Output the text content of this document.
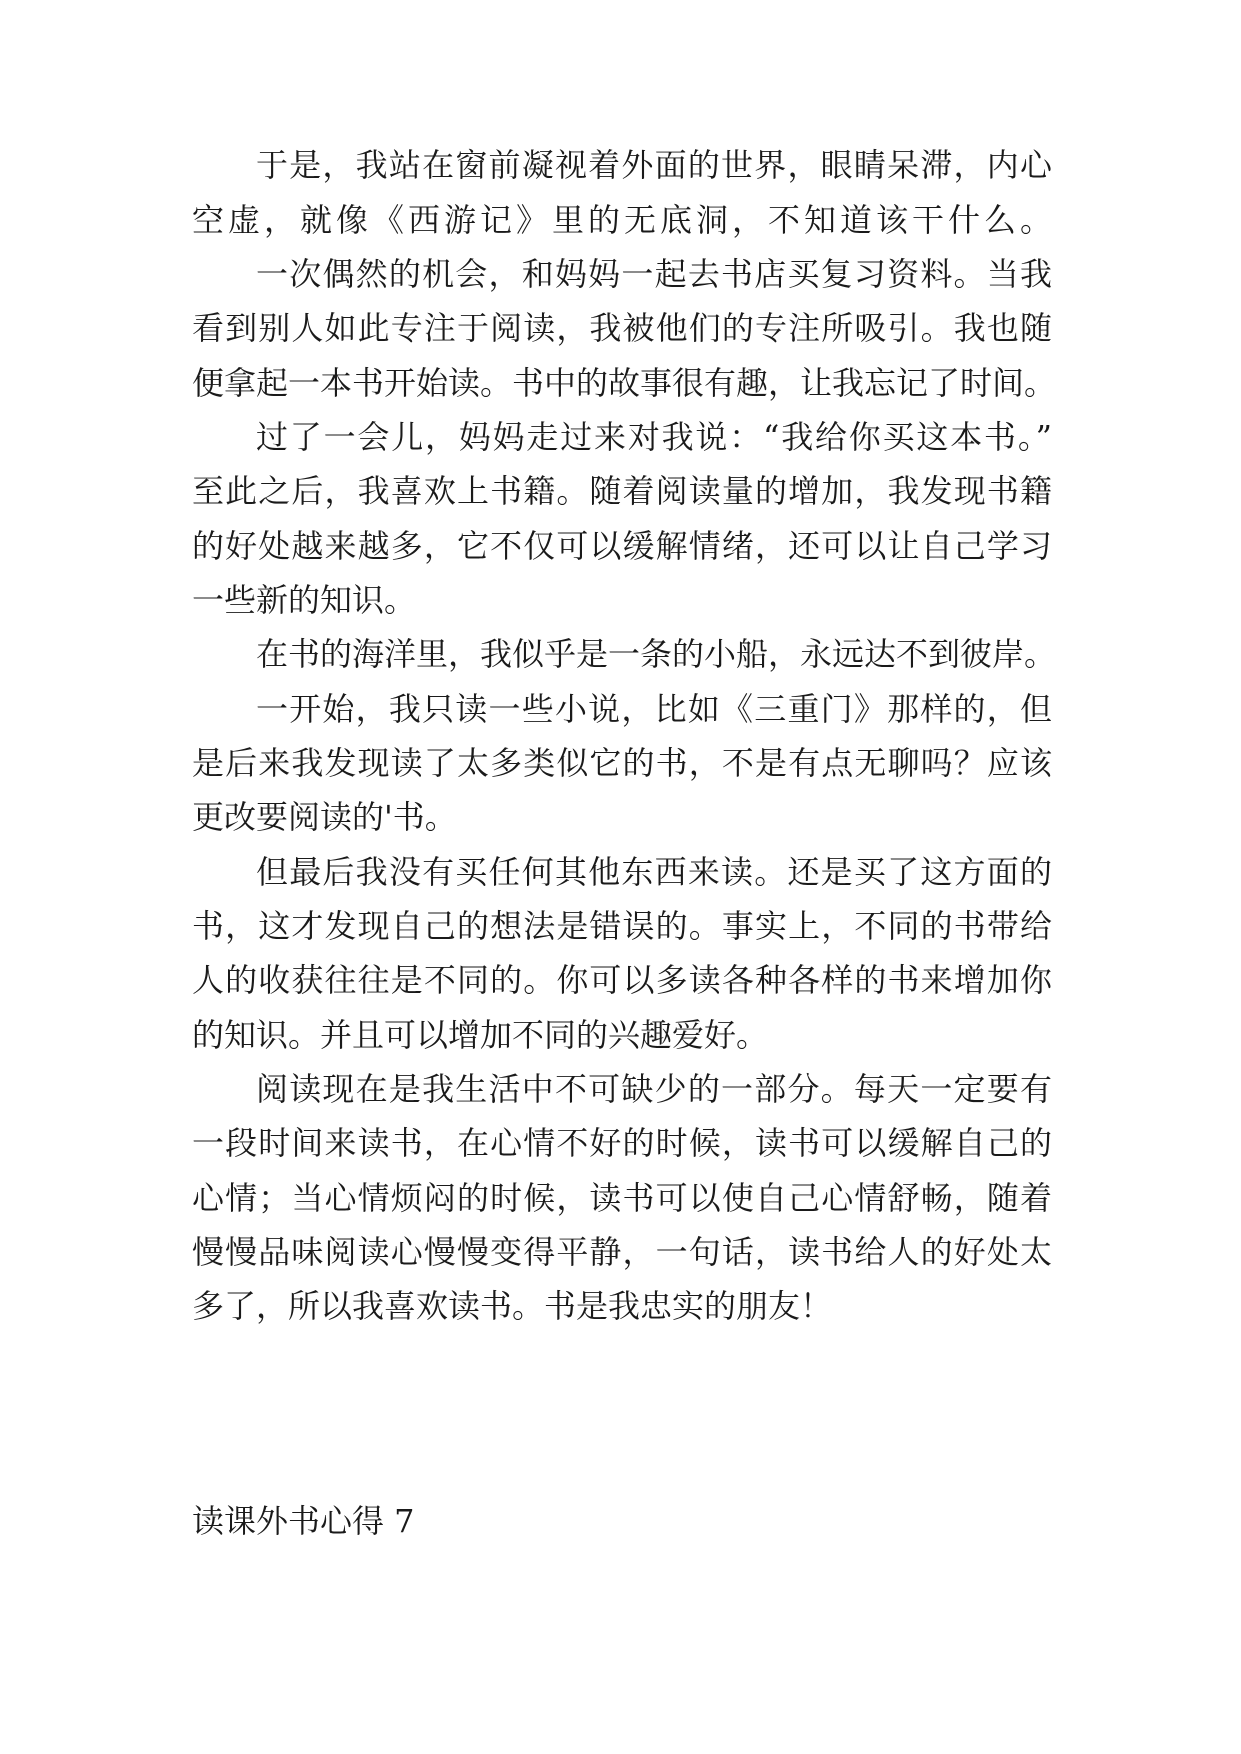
于是，我站在窗前凝视着外面的世界，眼睛呆滞，内心
空虚，就像《西游记》里的无底洞，不知道该干什么。
一次偶然的机会，和妈妈一起去书店买复习资料。当我
看到别人如此专注于阅读，我被他们的专注所吸引。我也随
便拿起一本书开始读。书中的故事很有趣，让我忘记了时间。
过了一会儿，妈妈走过来对我说：“我给你买这本书。”
至此之后，我喜欢上书籍。随着阅读量的增加，我发现书籍
的好处越来越多，它不仅可以缓解情绪，还可以让自己学习
一些新的知识。
在书的海洋里，我似乎是一条的小船，永远达不到彼岸。
一开始，我只读一些小说，比如《三重门》那样的，但
是后来我发现读了太多类似它的书，不是有点无聊吗？应该
更改要阅读的'书。
但最后我没有买任何其他东西来读。还是买了这方面的
书，这才发现自己的想法是错误的。事实上，不同的书带给
人的收获往往是不同的。你可以多读各种各样的书来增加你
的知识。并且可以增加不同的兴趣爱好。
阅读现在是我生活中不可缺少的一部分。每天一定要有
一段时间来读书，在心情不好的时候，读书可以缓解自己的
心情；当心情烦闷的时候，读书可以使自己心情舒畅，随着
慢慢品味阅读心慢慢变得平静，一句话，读书给人的好处太
多了，所以我喜欢读书。书是我忠实的朋友！
读课外书心得 7
